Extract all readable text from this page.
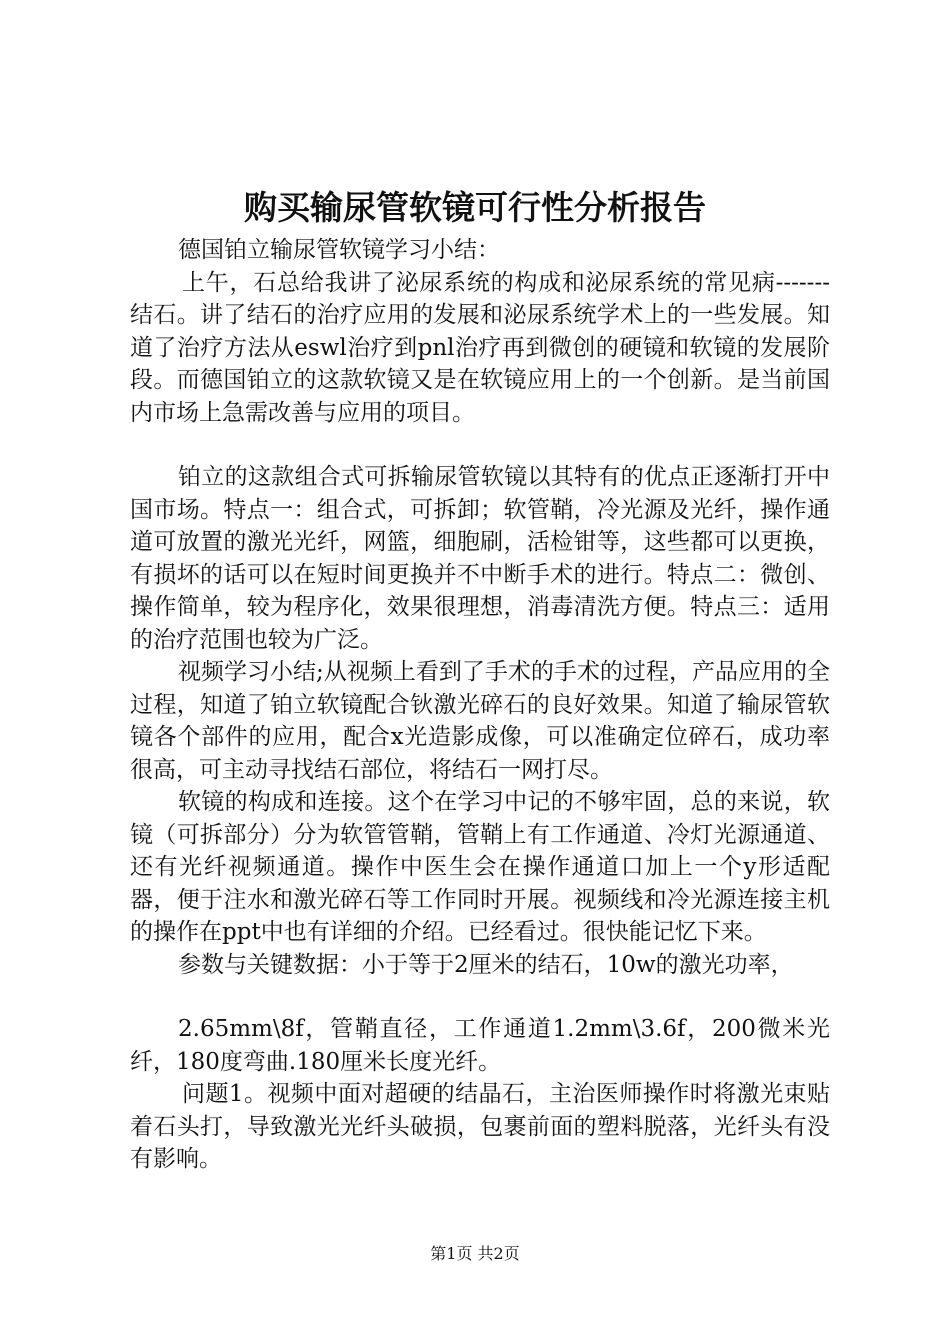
购买输尿管软镜可行性分析报告

德国铂立输尿管软镜学习小结：

上午，石总给我讲了泌尿系统的构成和泌尿系统的常见病-------结石。讲了结石的治疗应用的发展和泌尿系统学术上的一些发展。知道了治疗方法从eswl治疗到pnl治疗再到微创的硬镜和软镜的发展阶段。而德国铂立的这款软镜又是在软镜应用上的一个创新。是当前国内市场上急需改善与应用的项目。

铂立的这款组合式可拆输尿管软镜以其特有的优点正逐渐打开中国市场。特点一：组合式，可拆卸；软管鞘，冷光源及光纤，操作通道可放置的激光光纤，网篮，细胞刷，活检钳等，这些都可以更换，有损坏的话可以在短时间更换并不中断手术的进行。特点二：微创、操作简单，较为程序化，效果很理想，消毒清洗方便。特点三：适用的治疗范围也较为广泛。

视频学习小结;从视频上看到了手术的手术的过程，产品应用的全过程，知道了铂立软镜配合钬激光碎石的良好效果。知道了输尿管软镜各个部件的应用，配合x光造影成像，可以准确定位碎石，成功率很高，可主动寻找结石部位，将结石一网打尽。

软镜的构成和连接。这个在学习中记的不够牢固，总的来说，软镜（可拆部分）分为软管管鞘，管鞘上有工作通道、冷灯光源通道、还有光纤视频通道。操作中医生会在操作通道口加上一个y形适配器，便于注水和激光碎石等工作同时开展。视频线和冷光源连接主机的操作在ppt中也有详细的介绍。已经看过。很快能记忆下来。

参数与关键数据：小于等于2厘米的结石，10w的激光功率，

2.65mm\8f，管鞘直径，工作通道1.2mm\3.6f，200微米光纤，180度弯曲.180厘米长度光纤。

问题1。视频中面对超硬的结晶石，主治医师操作时将激光束贴着石头打，导致激光光纤头破损，包裹前面的塑料脱落，光纤头有没有影响。

第1页 共2页
